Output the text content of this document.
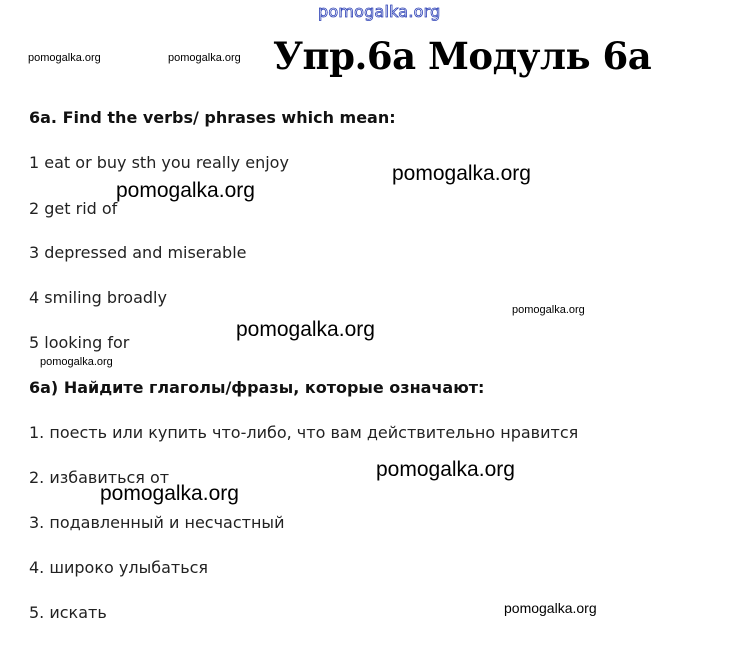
pomogalka.org
pomogalka.org	pomogalka.org Упр.6а Модуль 6а
6a. Find the verbs/ phrases which mean:
1 eat or buy sth you really enjoy
2 get rid of
3 depressed and miserable
4 smiling broadly
5 looking for
pomogalka.org
pomogalka.org
pomogalka.org
pomogalka.org
pomogalka.org
6а) Найдите глаголы/фразы, которые означают:
1. поесть или купить что-либо, что вам действительно нравится
2. избавиться от
3. подавленный и несчастный
4. широко улыбаться
5. искать
pomogalka.org
pomogalka.org
pomogalka.org
